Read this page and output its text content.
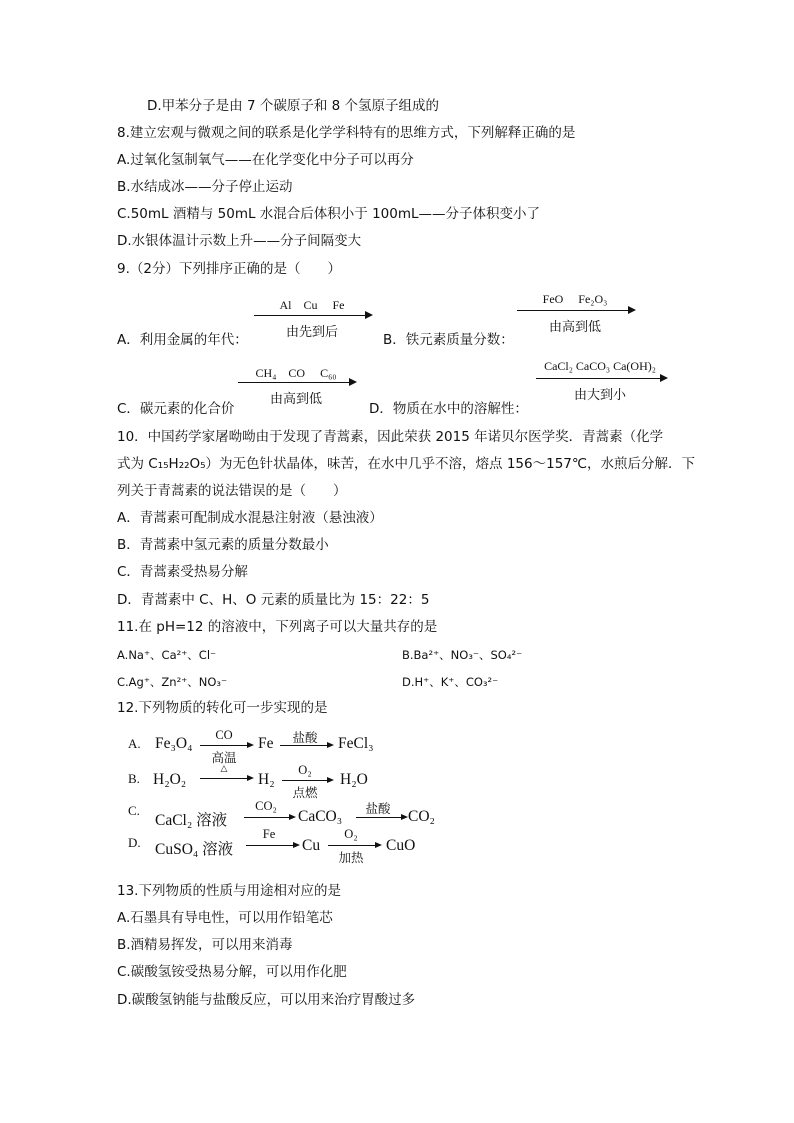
D.甲苯分子是由 7 个碳原子和 8 个氢原子组成的
8.建立宏观与微观之间的联系是化学学科特有的思维方式，下列解释正确的是
A.过氧化氢制氧气——在化学变化中分子可以再分
B.水结成冰——分子停止运动
C.50mL 酒精与 50mL 水混合后体积小于 100mL——分子体积变小了
D.水银体温计示数上升——分子间隔变大
9.（2分）下列排序正确的是（　　）
A．利用金属的年代：
Al　Cu　 Fe
由先到后	B．铁元素质量分数：
FeO　 Fe₂O₃
由高到低
C．碳元素的化合价
CH₄　CO　 C₆₀
由高到低
D．物质在水中的溶解性：
CaCl₂ CaCO₃ Ca(OH)₂
由大到小
10．中国药学家屠呦呦由于发现了青蒿素，因此荣获 2015 年诺贝尔医学奖．青蒿素（化学
式为 C₁₅H₂₂O₅）为无色针状晶体，味苦，在水中几乎不溶，熔点 156～157℃，水煎后分解．下
列关于青蒿素的说法错误的是（　　）
A．青蒿素可配制成水混悬注射液（悬浊液）
B．青蒿素中氢元素的质量分数最小
C．青蒿素受热易分解
D．青蒿素中 C、H、O 元素的质量比为 15：22：5
11.在 pH=12 的溶液中，下列离子可以大量共存的是
A.Na⁺、Ca²⁺、Cl⁻	B.Ba²⁺、NO₃⁻、SO₄²⁻
C.Ag⁺、Zn²⁺、NO₃⁻	D.H⁺、K⁺、CO₃²⁻
12.下列物质的转化可一步实现的是
A. Fe₃O₄	CO
高温
Fe	盐酸	FeCl₃
B. H₂O₂
△
H₂
O₂
点燃
H₂O
C.
CaCl₂ 溶液
CO₂
CaCO₃	盐酸	CO₂
D. CuSO₄ 溶液
Fe
Cu
O₂
加热
CuO
13.下列物质的性质与用途相对应的是
A.石墨具有导电性，可以用作铅笔芯
B.酒精易挥发，可以用来消毒
C.碳酸氢铵受热易分解，可以用作化肥
D.碳酸氢钠能与盐酸反应，可以用来治疗胃酸过多
